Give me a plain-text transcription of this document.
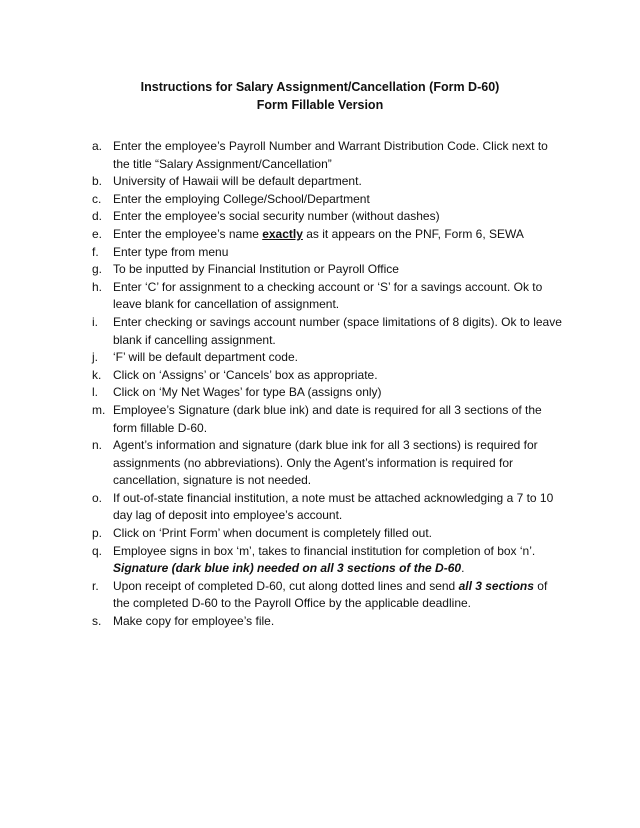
Instructions for Salary Assignment/Cancellation (Form D-60)
Form Fillable Version
a. Enter the employee’s Payroll Number and Warrant Distribution Code. Click next to the title “Salary Assignment/Cancellation”
b. University of Hawaii will be default department.
c. Enter the employing College/School/Department
d. Enter the employee’s social security number (without dashes)
e. Enter the employee’s name exactly as it appears on the PNF, Form 6, SEWA
f. Enter type from menu
g. To be inputted by Financial Institution or Payroll Office
h. Enter ‘C’ for assignment to a checking account or ‘S’ for a savings account. Ok to leave blank for cancellation of assignment.
i. Enter checking or savings account number (space limitations of 8 digits). Ok to leave blank if cancelling assignment.
j. ‘F’ will be default department code.
k. Click on ‘Assigns’ or ‘Cancels’ box as appropriate.
l. Click on ‘My Net Wages’ for type BA (assigns only)
m. Employee’s Signature (dark blue ink) and date is required for all 3 sections of the form fillable D-60.
n. Agent’s information and signature (dark blue ink for all 3 sections) is required for assignments (no abbreviations). Only the Agent’s information is required for cancellation, signature is not needed.
o. If out-of-state financial institution, a note must be attached acknowledging a 7 to 10 day lag of deposit into employee’s account.
p. Click on ‘Print Form’ when document is completely filled out.
q. Employee signs in box ‘m’, takes to financial institution for completion of box ‘n’. Signature (dark blue ink) needed on all 3 sections of the D-60.
r. Upon receipt of completed D-60, cut along dotted lines and send all 3 sections of the completed D-60 to the Payroll Office by the applicable deadline.
s. Make copy for employee’s file.
